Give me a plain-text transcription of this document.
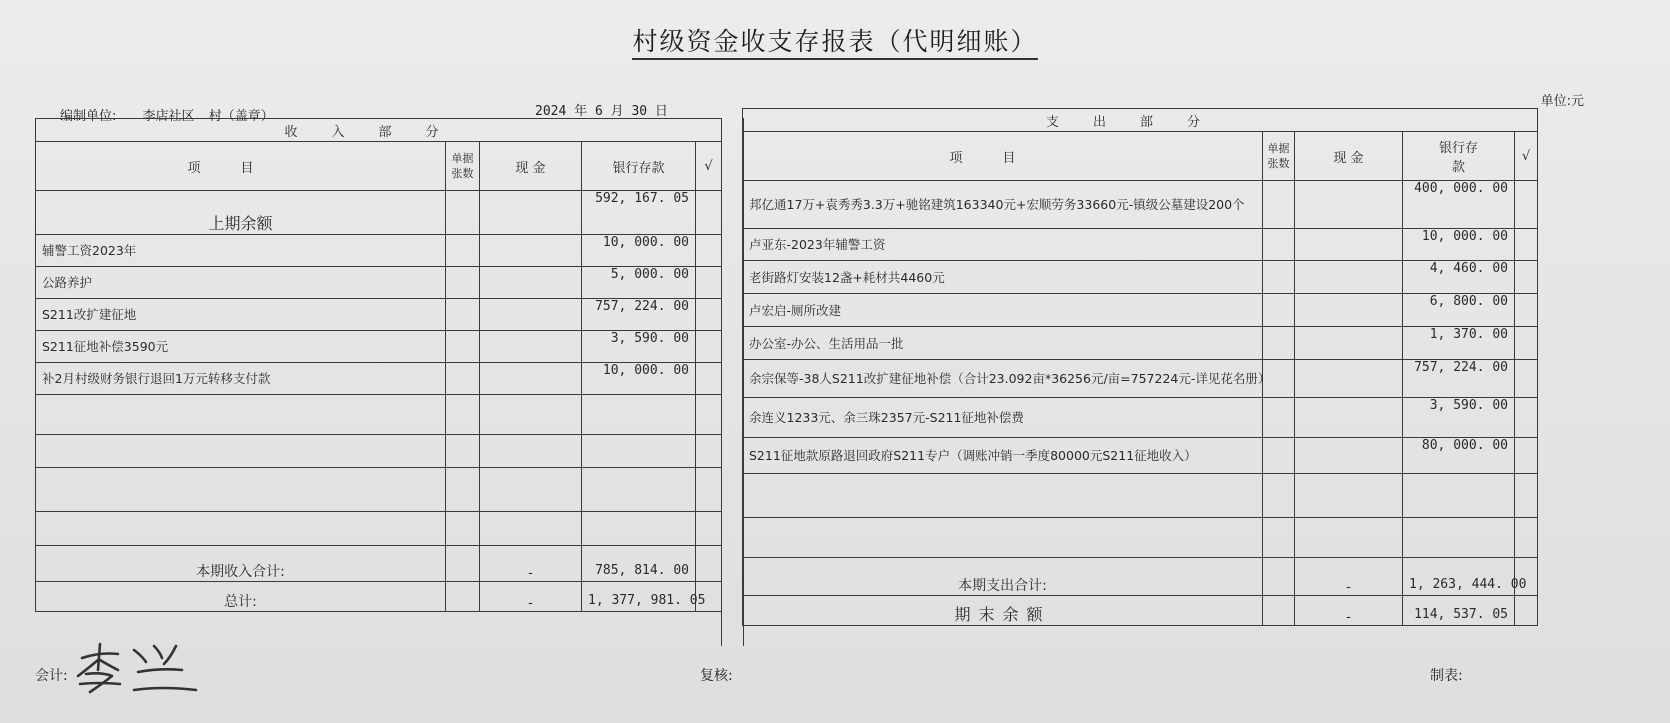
村级资金收支存报表（代明细账）
单位:元
编制单位: 李店社区 村（盖章）	2024 年 6 月 30 日
收入部分				
项目	单据张数	现 金	银行存款	√
上期余额			592, 167. 05	
辅警工资2023年			10, 000. 00	
公路养护			5, 000. 00	
S211改扩建征地			757, 224. 00	
S211征地补偿3590元			3, 590. 00	
补2月村级财务银行退回1万元转移支付款			10, 000. 00	

本期收入合计:		-	785, 814. 00	
总计:		-	1, 377, 981. 05	
支出部分				
项目	单据张数	现 金	银行存款	√
邦亿通17万+袁秀秀3.3万+驰铭建筑163340元+宏顺劳务33660元-镇级公墓建设200个			400, 000. 00	
卢亚东-2023年辅警工资			10, 000. 00	
老街路灯安装12盏+耗材共4460元			4, 460. 00	
卢宏启-厕所改建			6, 800. 00	
办公室-办公、生活用品一批			1, 370. 00	
余宗保等-38人S211改扩建征地补偿（合计23.092亩*36256元/亩=757224元-详见花名册）			757, 224. 00	
余连义1233元、余三珠2357元-S211征地补偿费			3, 590. 00	
S211征地款原路退回政府S211专户（调账冲销一季度80000元S211征地收入）			80, 000. 00	

本期支出合计:		-	1, 263, 444. 00	
期末余额		-	114, 537. 05	
会计:	复核:	制表:
